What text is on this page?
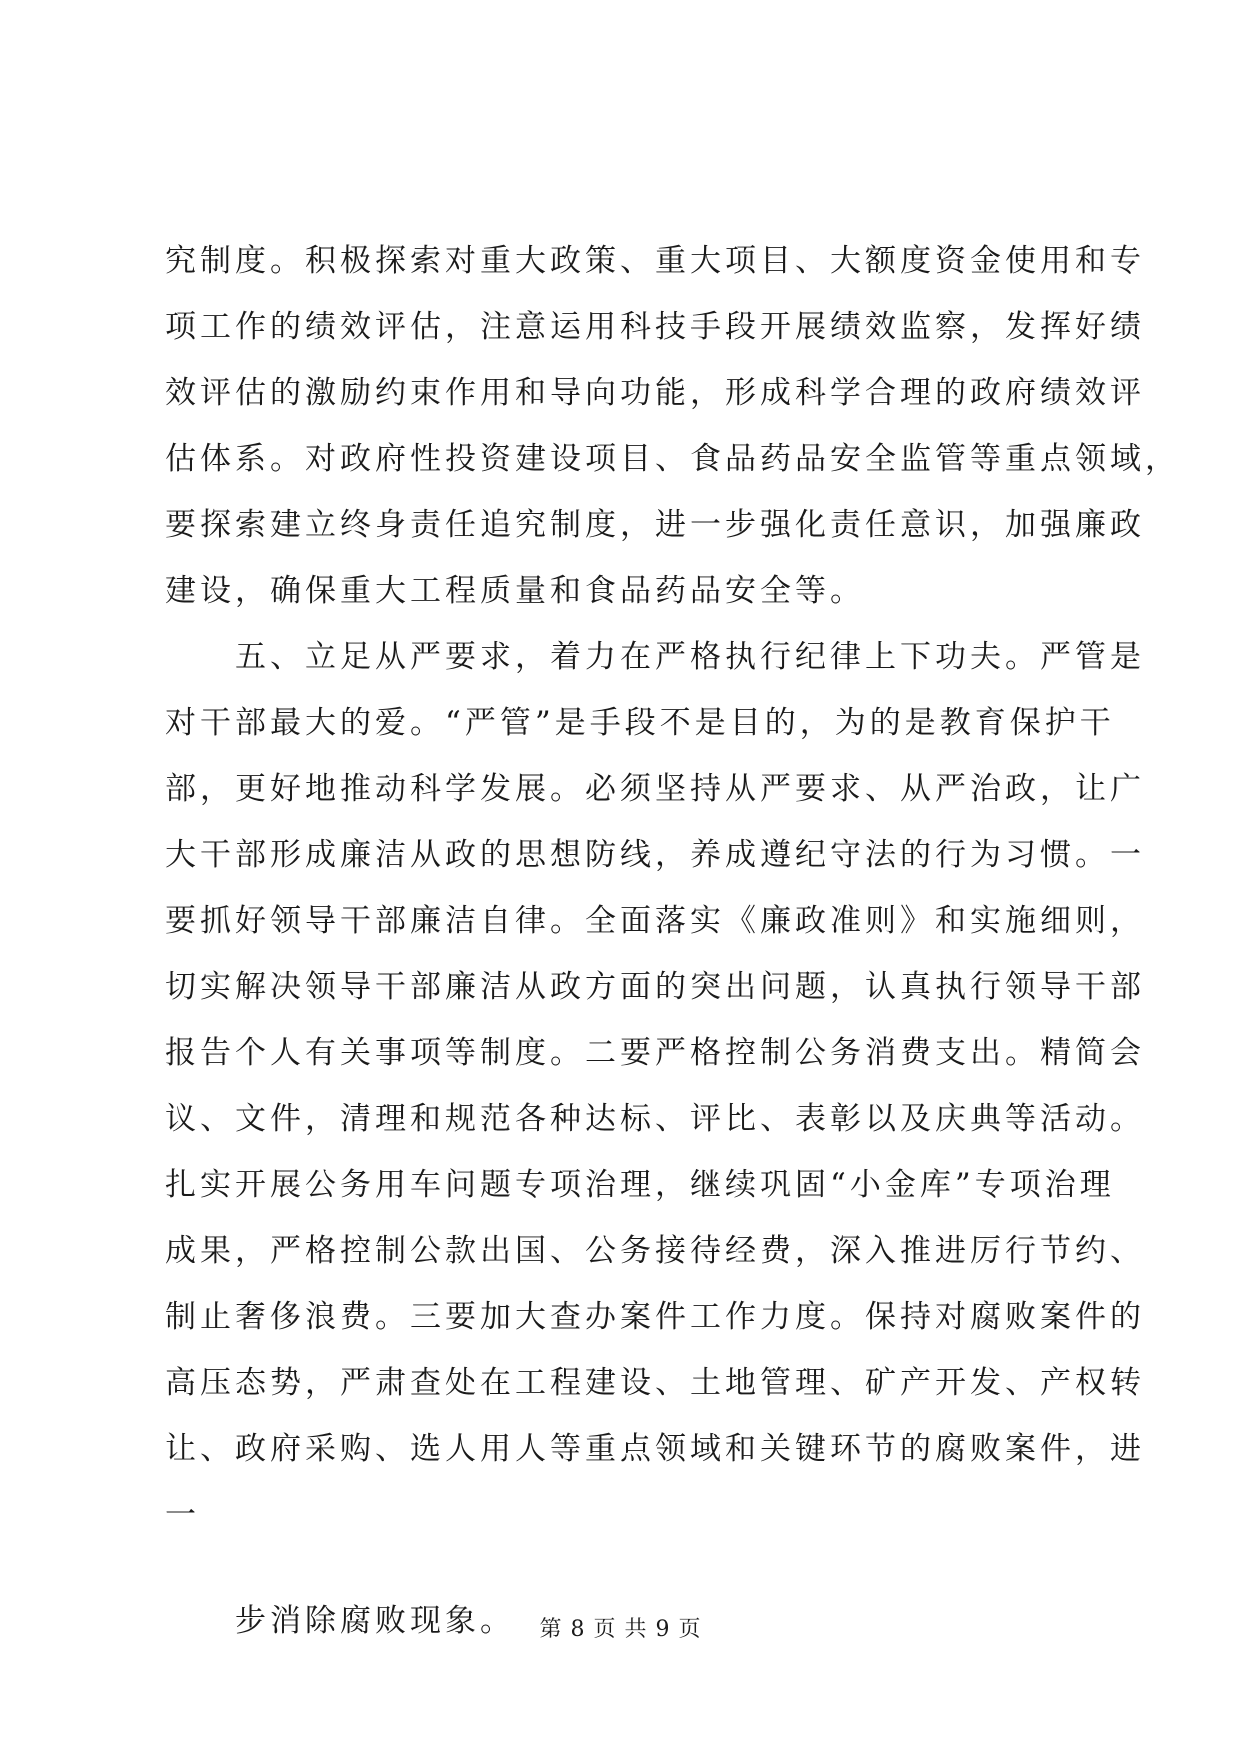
究制度。积极探索对重大政策、重大项目、大额度资金使用和专
项工作的绩效评估，注意运用科技手段开展绩效监察，发挥好绩
效评估的激励约束作用和导向功能，形成科学合理的政府绩效评
估体系。对政府性投资建设项目、食品药品安全监管等重点领域，
要探索建立终身责任追究制度，进一步强化责任意识，加强廉政
建设，确保重大工程质量和食品药品安全等。
　　五、立足从严要求，着力在严格执行纪律上下功夫。严管是
对干部最大的爱。“严管”是手段不是目的，为的是教育保护干
部，更好地推动科学发展。必须坚持从严要求、从严治政，让广
大干部形成廉洁从政的思想防线，养成遵纪守法的行为习惯。一
要抓好领导干部廉洁自律。全面落实《廉政准则》和实施细则，
切实解决领导干部廉洁从政方面的突出问题，认真执行领导干部
报告个人有关事项等制度。二要严格控制公务消费支出。精简会
议、文件，清理和规范各种达标、评比、表彰以及庆典等活动。
扎实开展公务用车问题专项治理，继续巩固“小金库”专项治理
成果，严格控制公款出国、公务接待经费，深入推进厉行节约、
制止奢侈浪费。三要加大查办案件工作力度。保持对腐败案件的
高压态势，严肃查处在工程建设、土地管理、矿产开发、产权转
让、政府采购、选人用人等重点领域和关键环节的腐败案件，进
一
　　步消除腐败现象。	第 8 页 共 9 页
